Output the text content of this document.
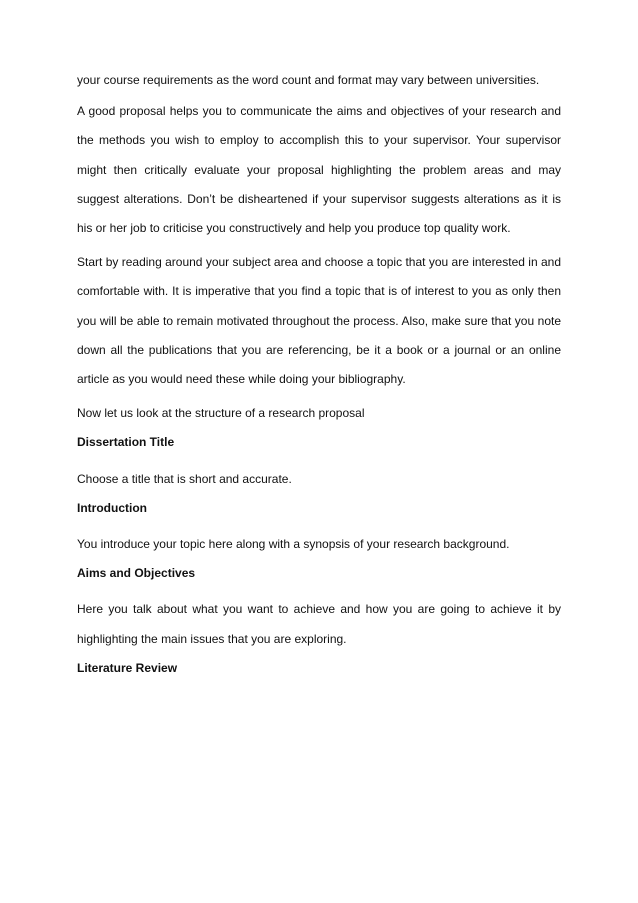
your course requirements as the word count and format may vary between universities.

A good proposal helps you to communicate the aims and objectives of your research and the methods you wish to employ to accomplish this to your supervisor. Your supervisor might then critically evaluate your proposal highlighting the problem areas and may suggest alterations. Don’t be disheartened if your supervisor suggests alterations as it is his or her job to criticise you constructively and help you produce top quality work.

Start by reading around your subject area and choose a topic that you are interested in and comfortable with. It is imperative that you find a topic that is of interest to you as only then you will be able to remain motivated throughout the process. Also, make sure that you note down all the publications that you are referencing, be it a book or a journal or an online article as you would need these while doing your bibliography.

Now let us look at the structure of a research proposal

Dissertation Title

Choose a title that is short and accurate.

Introduction

You introduce your topic here along with a synopsis of your research background.

Aims and Objectives

Here you talk about what you want to achieve and how you are going to achieve it by highlighting the main issues that you are exploring.

Literature Review
